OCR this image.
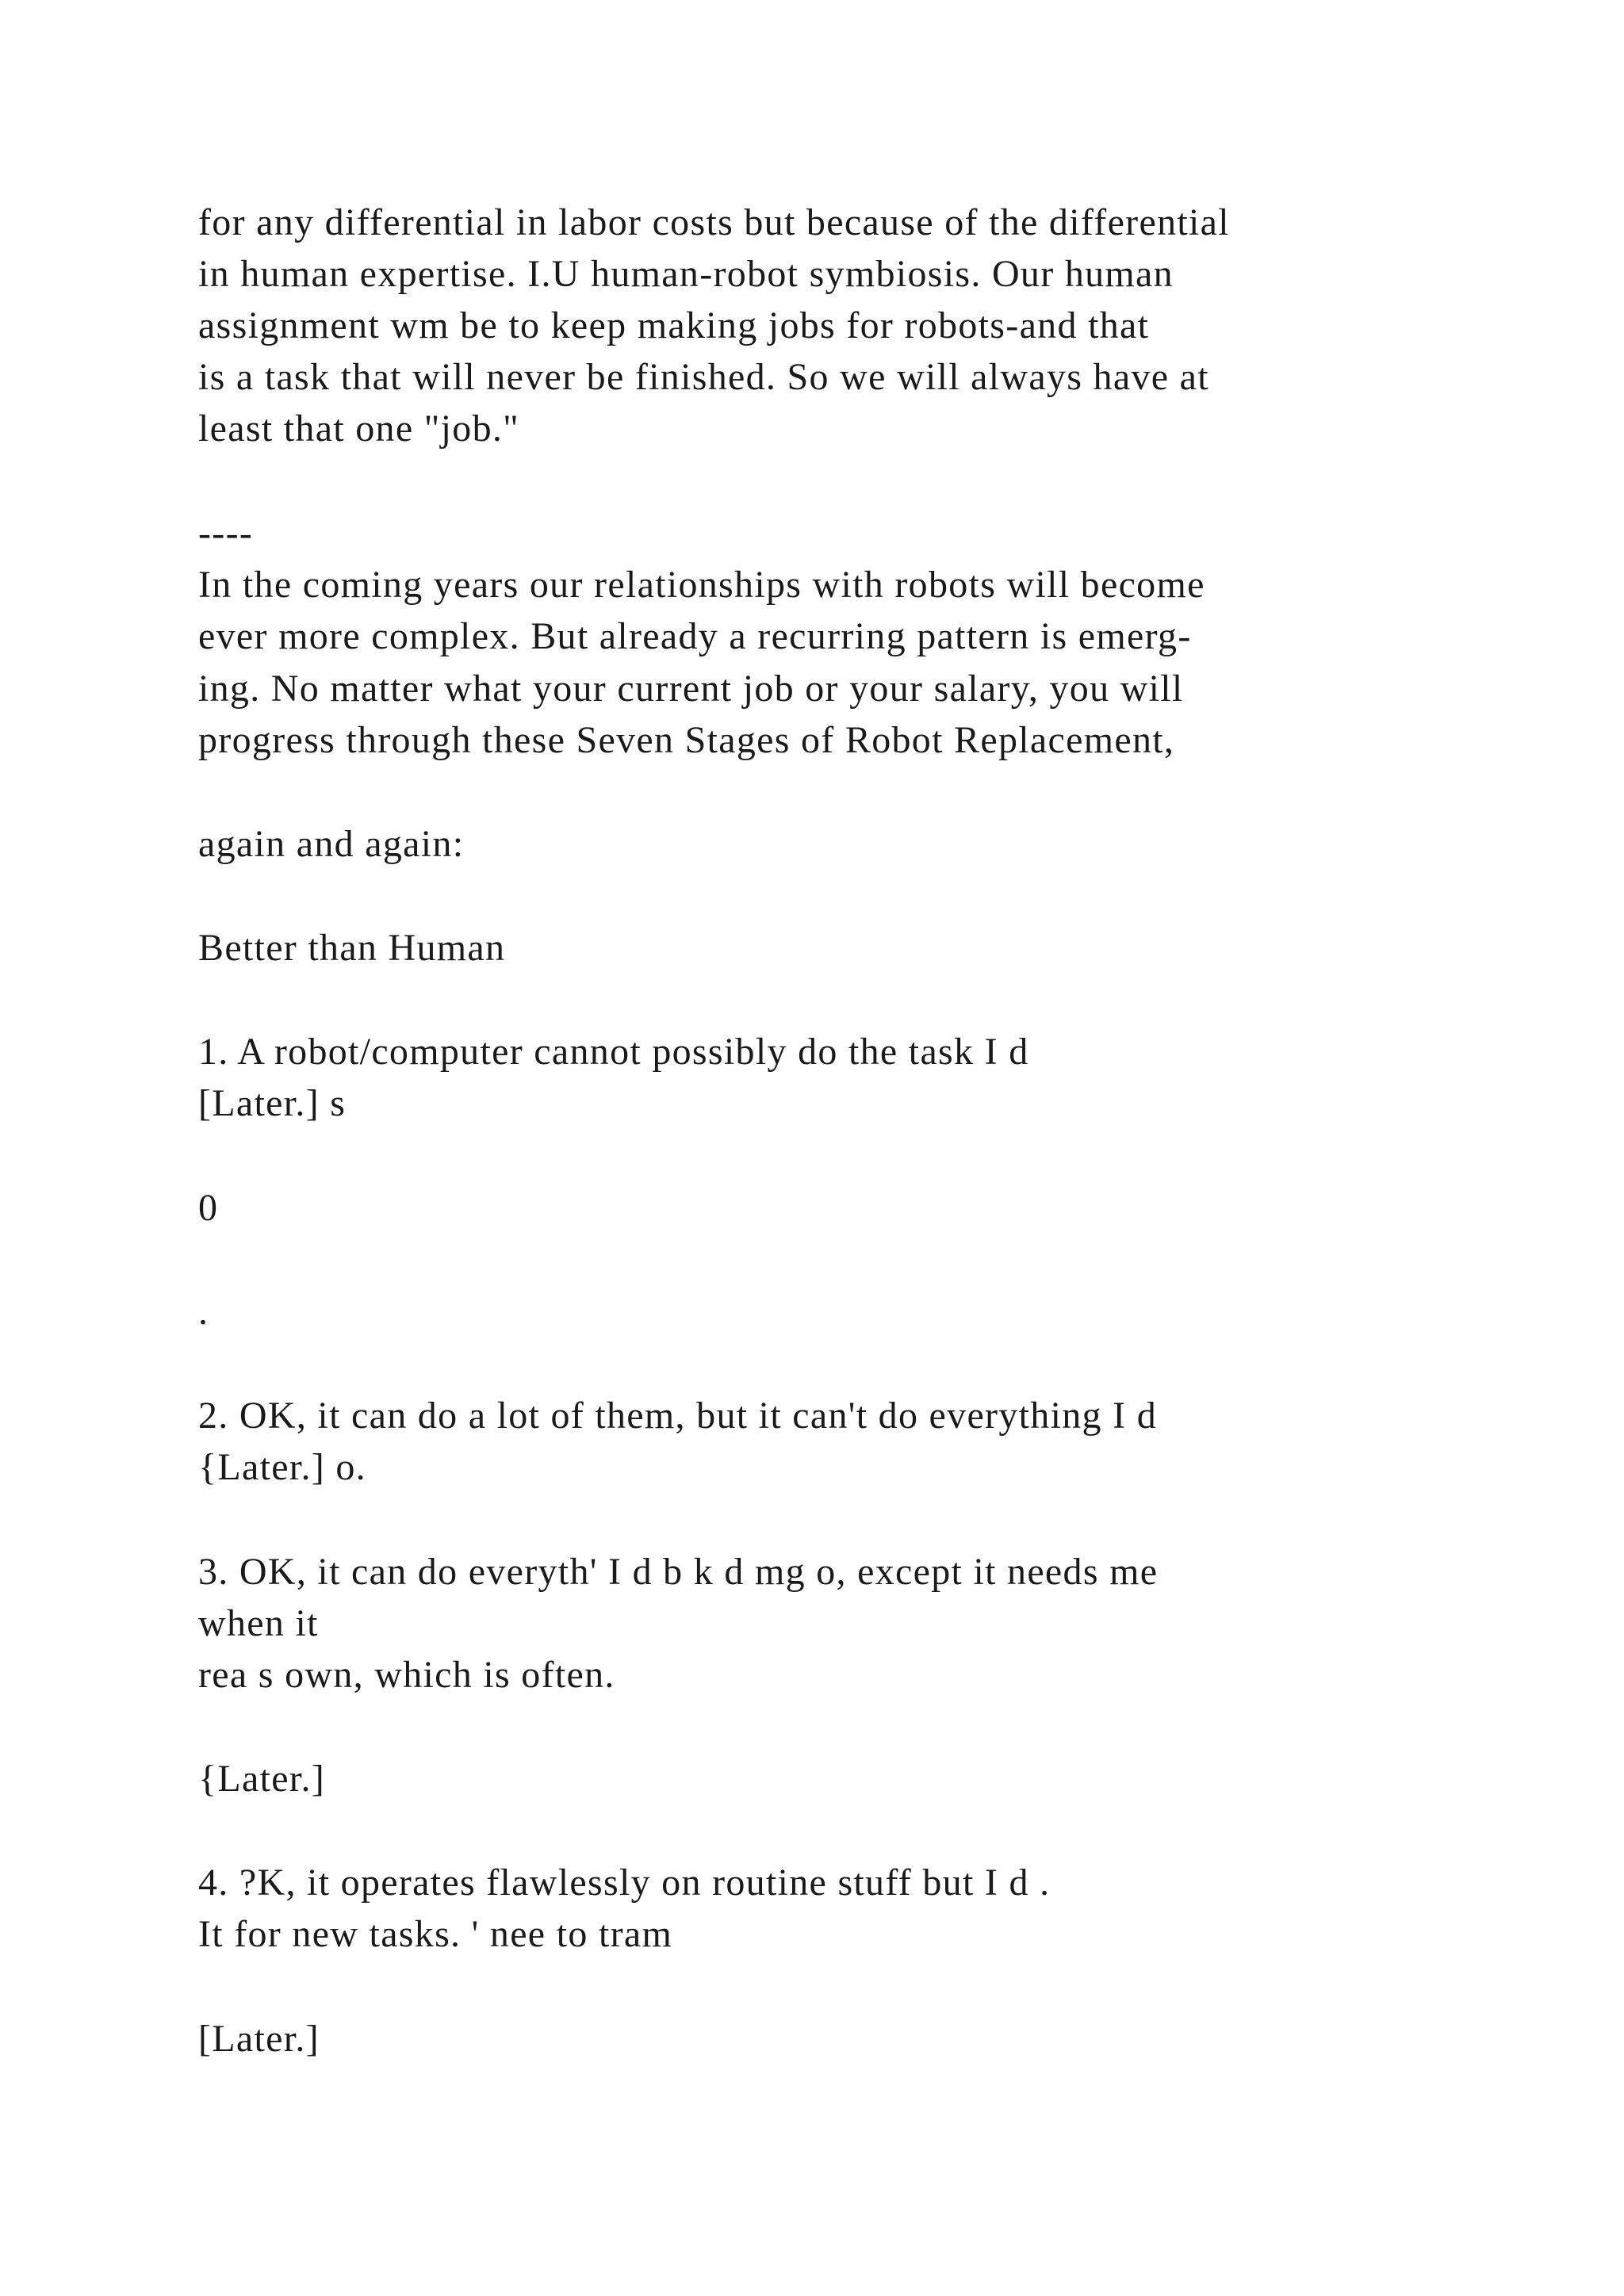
for any differential in labor costs but because of the differential

in human expertise. I.U human-robot symbiosis. Our human

assignment wm be to keep making jobs for robots-and that

is a task that will never be finished. So we will always have at

least that one "job."

----

In the coming years our relationships with robots will become

ever more complex. But already a recurring pattern is emerg-

ing. No matter what your current job or your salary, you will

progress through these Seven Stages of Robot Replacement,

again and again:

Better than Human

1. A robot/computer cannot possibly do the task I d

[Later.] s

0

.

2. OK, it can do a lot of them, but it can't do everything I d

{Later.] o.

3. OK, it can do everyth' I d b k d mg o, except it needs me

when it

rea s own, which is often.

{Later.]

4. ?K, it operates flawlessly on routine stuff but I d .

It for new tasks. ' nee to tram

[Later.]
